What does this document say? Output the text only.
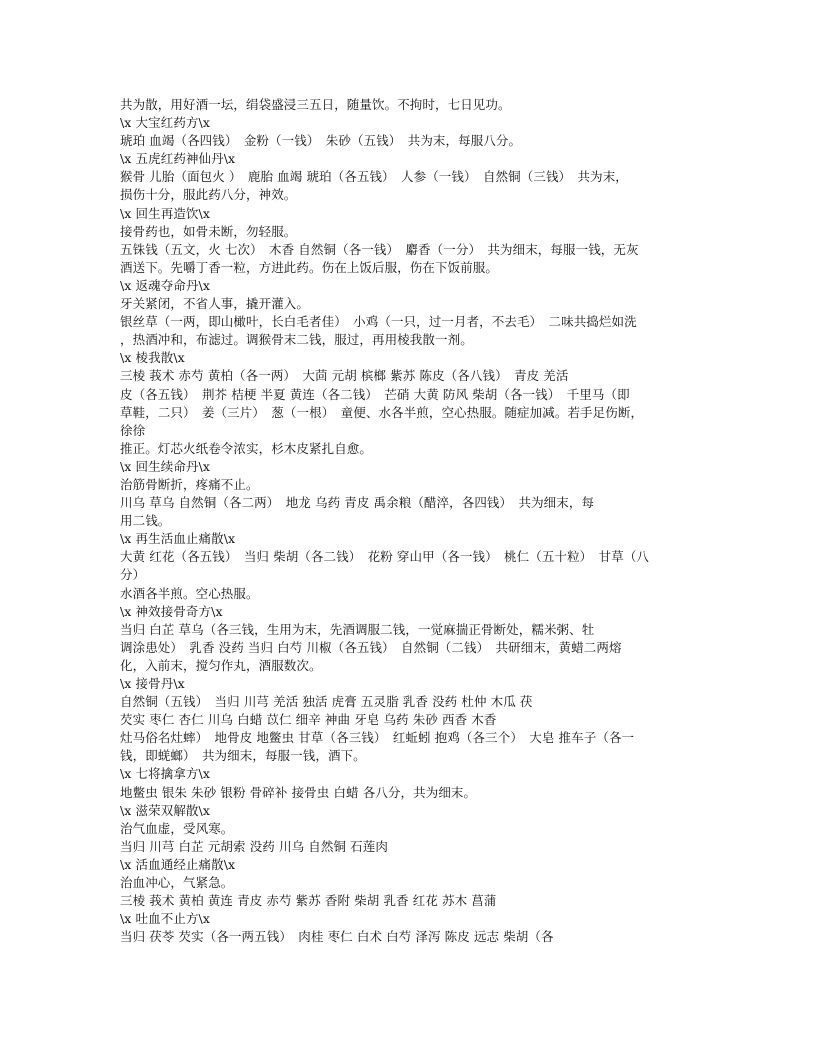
共为散，用好酒一坛，绢袋盛浸三五日，随量饮。不拘时，七日见功。
\x 大宝红药方\x
琥珀 血竭（各四钱）　金粉（一钱）　朱砂（五钱）　共为末，每服八分。
\x 五虎红药神仙丹\x
猴骨 儿胎（面包火 ）　鹿胎 血竭 琥珀（各五钱）　人参（一钱）　自然铜（三钱）　共为末，
损伤十分，服此药八分，神效。
\x 回生再造饮\x
接骨药也，如骨未断，勿轻服。
五铢钱（五文，火 七次）　木香 自然铜（各一钱）　麝香（一分）　共为细末，每服一钱，无灰
酒送下。先嚼丁香一粒，方进此药。伤在上饭后服，伤在下饭前服。
\x 返魂夺命丹\x
牙关紧闭，不省人事，撬开灌入。
银丝草（一两，即山橄叶，长白毛者佳）　小鸡（一只，过一月者，不去毛）　二味共捣烂如洗
，热酒冲和，布滤过。调猴骨末二钱，服过，再用棱我散一剂。
\x 棱我散\x
三棱 莪术 赤芍 黄柏（各一两）　大茴 元胡 槟榔 紫苏 陈皮（各八钱）　青皮 羌活
皮（各五钱）　荆芥 桔梗 半夏 黄连（各二钱）　芒硝 大黄 防风 柴胡（各一钱）　千里马（即
草鞋，二只）　姜（三片）　葱（一根）　童便、水各半煎，空心热服。随症加减。若手足伤断，
徐徐
推正。灯芯火纸卷令浓实，杉木皮紧扎自愈。
\x 回生续命丹\x
治筋骨断折，疼痛不止。
川乌 草乌 自然铜（各二两）　地龙 乌药 青皮 禹余粮（醋淬，各四钱）　共为细末，每
用二钱。
\x 再生活血止痛散\x
大黄 红花（各五钱）　当归 柴胡（各二钱）　花粉 穿山甲（各一钱）　桃仁（五十粒）　甘草（八
分）
水酒各半煎。空心热服。
\x 神效接骨奇方\x
当归 白芷 草乌（各三钱，生用为末，先酒调服二钱，一觉麻揣正骨断处，糯米粥、牡
调涂患处）　乳香 没药 当归 白芍 川椒（各五钱）　自然铜（二钱）　共研细末，黄蜡二两熔
化，入前末，搅匀作丸，酒服数次。
\x 接骨丹\x
自然铜（五钱）　当归 川芎 羌活 独活 虎膏 五灵脂 乳香 没药 杜仲 木瓜 茯
芡实 枣仁 杏仁 川乌 白蜡 苡仁 细辛 神曲 牙皂 乌药 朱砂 西香 木香
灶马俗名灶蟀）　地骨皮 地鳖虫 甘草（各三钱）　红蚯蚓 抱鸡（各三个）　大皂 推车子（各一
钱，即蜣螂）　共为细末，每服一钱，酒下。
\x 七将擒拿方\x
地鳖虫 银朱 朱砂 银粉 骨碎补 接骨虫 白蜡 各八分，共为细末。
\x 滋荣双解散\x
治气血虚，受风寒。
当归 川芎 白芷 元胡索 没药 川乌 自然铜 石莲肉
\x 活血通经止痛散\x
治血冲心，气紧急。
三棱 莪术 黄柏 黄连 青皮 赤芍 紫苏 香附 柴胡 乳香 红花 苏木 菖蒲
\x 吐血不止方\x
当归 茯苓 芡实（各一两五钱）　肉桂 枣仁 白术 白芍 泽泻 陈皮 远志 柴胡（各
